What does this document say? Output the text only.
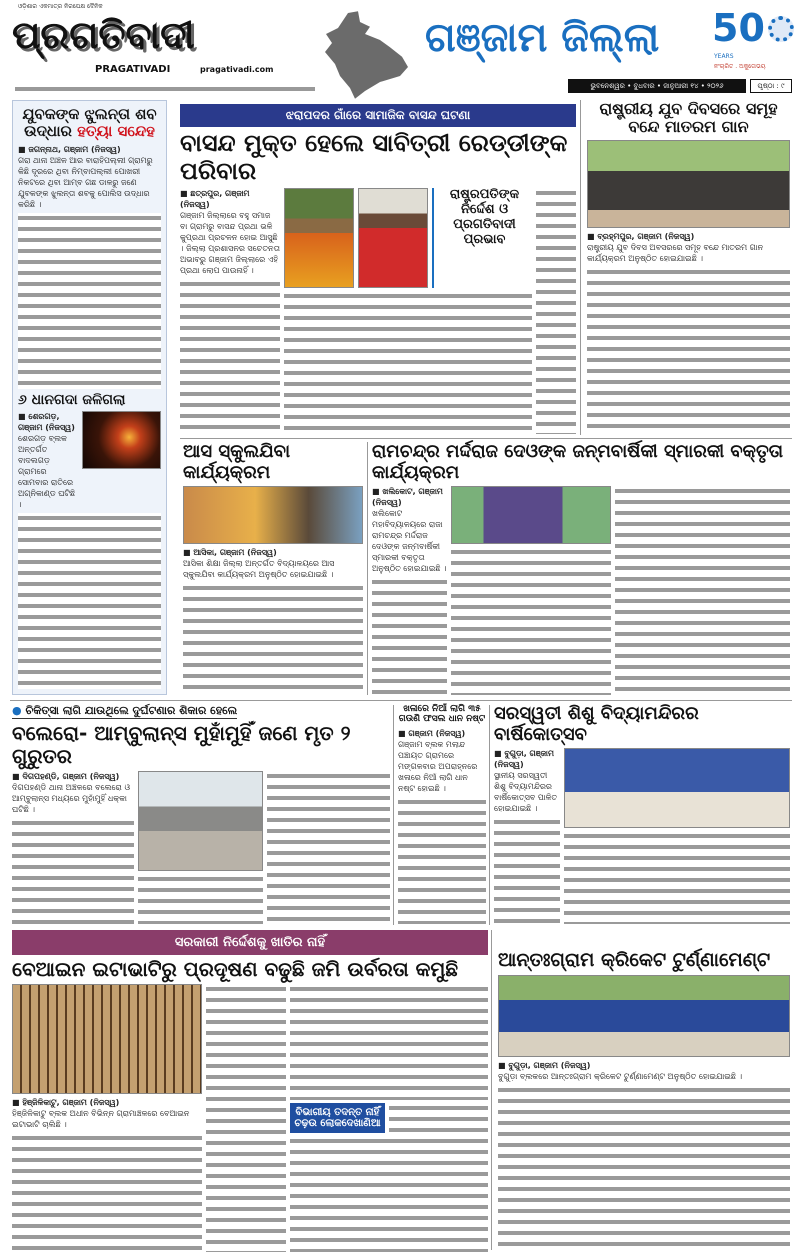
ଓଡ଼ିଶାର ଏକମାତ୍ର ନିରପେକ୍ଷ ଦୈନିକ
ପ୍ରଗତିବାଦୀ
PRAGATIVADI	pragativadi.com
ଗଞ୍ଜାମ ଜିଲ୍ଲା	50
YEARS
ନଂଚାରିତ . ଅକୁତୋଭୟ
ଭୁବନେଶ୍ୱର • ବୁଧବାର • ଜାନୁଆରୀ ୧୪ • ୨୦୨୬	ପୃଷ୍ଠା : ୯
ଯୁବକଙ୍କ ଝୁଲନ୍ତା ଶବ ଉଦ୍ଧାର ହତ୍ୟା ସନ୍ଦେହ
■ ଜଗନ୍ନାଥ, ଗଞ୍ଜାମ (ନିଜସ୍ୱ)
ଗରା ଥାନା ଅଞ୍ଚଳ ଆର ବାରାହିପଲ୍ଲୀ ଗ୍ରାମରୁ କିଛି ଦୂରରେ ଥିବା ନିମ୍ବାପଲ୍ଲୀ ପୋଖରୀ ନିକଟରେ ଥିବା ଆମ୍ବ ଗଛ ଡାଳରୁ ଜଣେ ଯୁବକଙ୍କ ଝୁଲନ୍ତା ଶବକୁ ପୋଲିସ ଉଦ୍ଧାର କରିଛି ।
୬ ଧାନଗଦା ଜଳିଗଲା
■ ଶେରଗଡ଼, ଗଞ୍ଜାମ (ନିଜସ୍ୱ)
ଶେରଗଡ଼ ବ୍ଲକ ଅନ୍ତର୍ଗତ ବାଦଲଗଡ଼ ଗ୍ରାମରେ ସୋମବାର ରାତିରେ ଅଗ୍ନିକାଣ୍ଡ ଘଟିଛି ।
ଝରାପଦର ଗାଁରେ ସାମାଜିକ ବାସନ୍ଦ ଘଟଣା
ବାସନ୍ଦ ମୁକ୍ତ ହେଲେ ସାବିତ୍ରୀ ରେଡ୍ଡୀଙ୍କ ପରିବାର
■ ଛତ୍ରପୁର, ଗଞ୍ଜାମ (ନିଜସ୍ୱ)
ଗଞ୍ଜାମ ଜିଲ୍ଲାରେ ବହୁ ସମାଜ ବା ଗ୍ରାମରୁ ବାସନ୍ଦ ପ୍ରଥା ଭଳି କୁପ୍ରଥା ପ୍ରଚଳନ ହୋଇ ଆସୁଛି । ଜିଲ୍ଲା ପ୍ରଶାସନର ସଚେତନତା ଅଭାବରୁ ଗଞ୍ଜାମ ଜିଲ୍ଲାରେ ଏହି ପ୍ରଥା ଲୋପ ପାଉନାହିଁ ।
ରାଷ୍ଟ୍ରପତିଙ୍କ ନିର୍ଦ୍ଦେଶ ଓ ପ୍ରଗତିବାଦୀ ପ୍ରଭାବ
ରାଷ୍ଟ୍ରୀୟ ଯୁବ ଦିବସରେ ସମୂହ ବନ୍ଦେ ମାତରମ ଗାନ
■ ବ୍ରହ୍ମପୁର, ଗଞ୍ଜାମ (ନିଜସ୍ୱ)
ରାଷ୍ଟ୍ରୀୟ ଯୁବ ଦିବସ ଅବସରରେ ସମୂହ ବନ୍ଦେ ମାତରମ ଗାନ କାର୍ଯ୍ୟକ୍ରମ ଅନୁଷ୍ଠିତ ହୋଇଯାଇଛି ।
ଆସ ସ୍କୁଲଯିବା କାର୍ଯ୍ୟକ୍ରମ
■ ଆସିକା, ଗଞ୍ଜାମ (ନିଜସ୍ୱ)
ଆସିକା ଶିକ୍ଷା ଜିଲ୍ଲା ଅନ୍ତର୍ଗତ ବିଦ୍ୟାଳୟରେ ଆସ ସ୍କୁଲଯିବା କାର୍ଯ୍ୟକ୍ରମ ଅନୁଷ୍ଠିତ ହୋଇଯାଇଛି ।
ରାମଚନ୍ଦ୍ର ମର୍ଦ୍ଦରାଜ ଦେଓଙ୍କ ଜନ୍ମବାର୍ଷିକୀ ସ୍ମାରକୀ ବକ୍ତୃତା କାର୍ଯ୍ୟକ୍ରମ
■ ଖଲିକୋଟ, ଗଞ୍ଜାମ (ନିଜସ୍ୱ)
ଖଲିକୋଟ ମହାବିଦ୍ୟାଳୟରେ ରାଜା ରାମଚନ୍ଦ୍ର ମର୍ଦ୍ଦରାଜ ଦେଓଙ୍କ ଜନ୍ମବାର୍ଷିକୀ ସ୍ମାରକୀ ବକ୍ତୃତା ଅନୁଷ୍ଠିତ ହୋଇଯାଇଛି ।
● ଚିକିତ୍ସା ଲାଗି ଯାଉଥିଲେ ଦୁର୍ଘଟଣାର ଶିକାର ହେଲେ
ବଲେରୋ- ଆମ୍ବୁଲାନ୍ସ ମୁହାଁମୁହିଁ ଜଣେ ମୃତ ୨ ଗୁରୁତର
■ ଦିଗପହଣ୍ଡି, ଗଞ୍ଜାମ (ନିଜସ୍ୱ)
ଦିଗପହଣ୍ଡି ଥାନା ଅଞ୍ଚଳରେ ବଲେରୋ ଓ ଆମ୍ବୁଲାନ୍ସ ମଧ୍ୟରେ ମୁହାଁମୁହିଁ ଧକ୍କା ଘଟିଛି ।
ଖଳାରେ ନିଆଁ ଲାଗି ୩୫ ଗଉଣି ଫସଲ ଧାନ ନଷ୍ଟ
■ ଗଞ୍ଜାମ (ନିଜସ୍ୱ)
ଗଞ୍ଜାମ ବ୍ଲକ ମଲାନ୍ଦ ପଞ୍ଚାୟତ ଗ୍ରାମରେ ମଙ୍ଗଳବାର ଅପରାହ୍ନରେ ଖଳାରେ ନିଆଁ ଲାଗି ଧାନ ନଷ୍ଟ ହୋଇଛି ।
ସରସ୍ୱତୀ ଶିଶୁ ବିଦ୍ୟାମନ୍ଦିରର ବାର୍ଷିକୋତ୍ସବ
■ ବୁଗୁଡ଼ା, ଗଞ୍ଜାମ (ନିଜସ୍ୱ)
ସ୍ଥାନୀୟ ସରସ୍ୱତୀ ଶିଶୁ ବିଦ୍ୟାମନ୍ଦିରର ବାର୍ଷିକୋତ୍ସବ ପାଳିତ ହୋଇଯାଇଛି ।
ସରକାରୀ ନିର୍ଦ୍ଦେଶକୁ ଖାତିର ନାହିଁ
ବେଆଇନ ଇଟାଭାଟିରୁ ପ୍ରଦୂଷଣ ବଢୁଛି ଜମି ଉର୍ବରତା କମୁଛି
■ ହିଞ୍ଜିଳିକାଟୁ, ଗଞ୍ଜାମ (ନିଜସ୍ୱ)
ହିଞ୍ଜିଳିକାଟୁ ବ୍ଲକ ଅଧୀନ ବିଭିନ୍ନ ଗ୍ରାମାଞ୍ଚଳରେ ବେଆଇନ ଇଟାଭାଟି ଚାଲିଛି ।
ବିଭାଗୀୟ ତଦନ୍ତ ନାହିଁ ଚଢ଼ଉ ଲୋକଦେଖାଣିଆ
ଆନ୍ତଃଗ୍ରାମ କ୍ରିକେଟ ଟୁର୍ଣ୍ଣାମେଣ୍ଟ
■ ବୁଗୁଡ଼ା, ଗଞ୍ଜାମ (ନିଜସ୍ୱ)
ବୁଗୁଡ଼ା ବ୍ଲକରେ ଆନ୍ତଃଗ୍ରାମ କ୍ରିକେଟ ଟୁର୍ଣ୍ଣାମେଣ୍ଟ ଅନୁଷ୍ଠିତ ହୋଇଯାଇଛି ।
